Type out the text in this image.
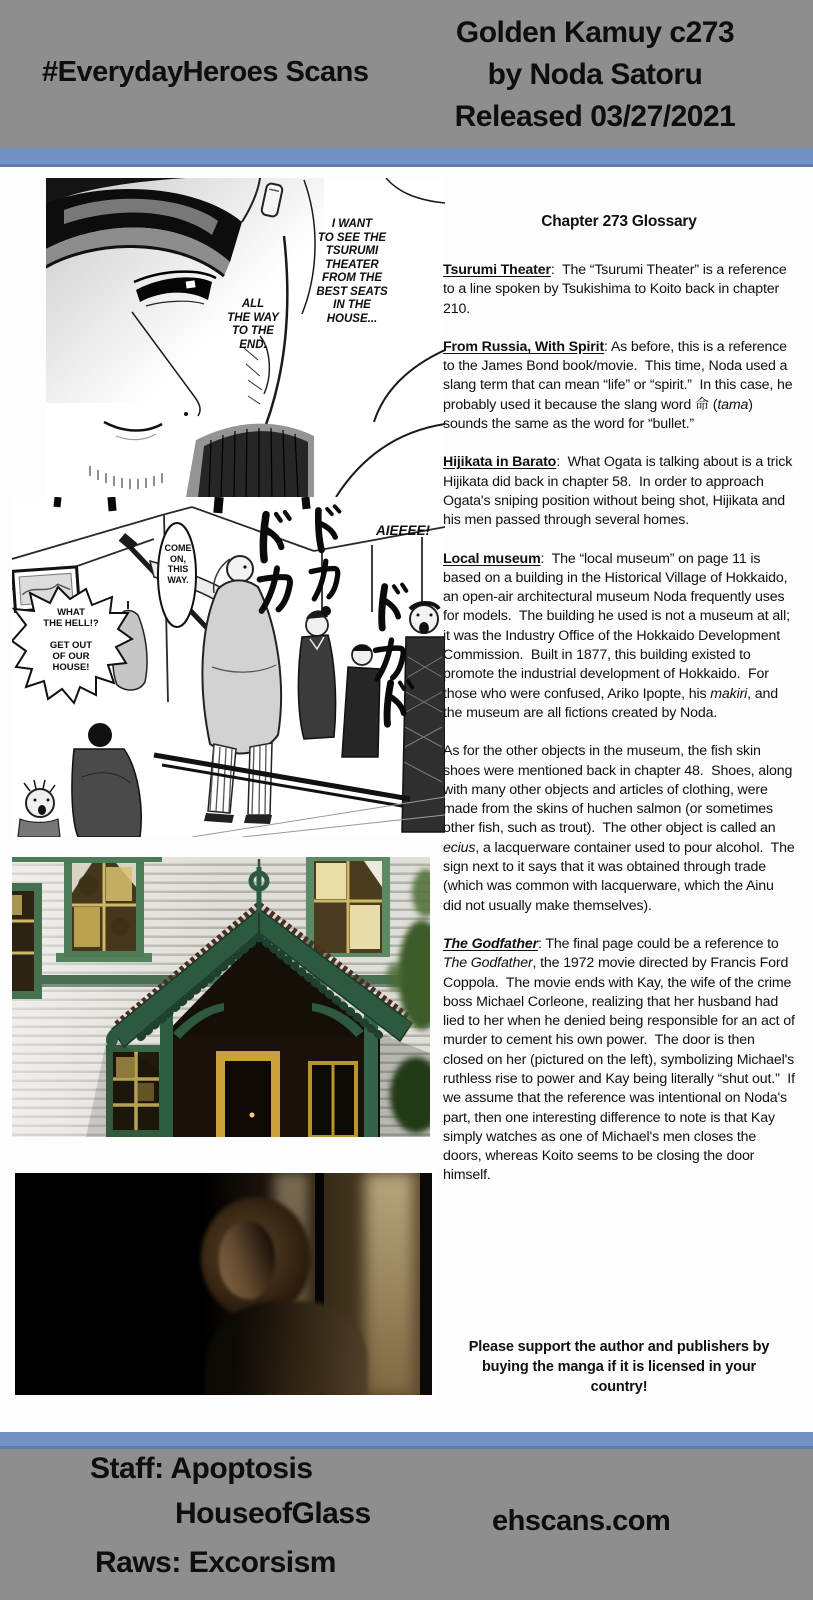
#EverydayHeroes Scans
Golden Kamuy c273
by Noda Satoru
Released 03/27/2021
I WANT
TO SEE THE
TSURUMI
THEATER
FROM THE
BEST SEATS
IN THE
HOUSE...
ALL
THE WAY
TO THE
END.
COME
ON,
THIS
WAY.
WHAT
THE HELL!?

GET OUT
OF OUR
HOUSE!
AIEEEE!
Chapter 273 Glossary

Tsurumi Theater:  The “Tsurumi Theater” is a reference to a line spoken by Tsukishima to Koito back in chapter 210.

From Russia, With Spirit: As before, this is a reference to the James Bond book/movie.  This time, Noda used a slang term that can mean “life” or “spirit.”  In this case, he probably used it because the slang word 命 (tama) sounds the same as the word for “bullet.”

Hijikata in Barato:  What Ogata is talking about is a trick Hijikata did back in chapter 58.  In order to approach Ogata's sniping position without being shot, Hijikata and his men passed through several homes.

Local museum:  The “local museum” on page 11 is based on a building in the Historical Village of Hokkaido, an open-air architectural museum Noda frequently uses for models.  The building he used is not a museum at all; it was the Industry Office of the Hokkaido Development Commission.  Built in 1877, this building existed to promote the industrial development of Hokkaido.  For those who were confused, Ariko Ipopte, his makiri, and the museum are all fictions created by Noda.

As for the other objects in the museum, the fish skin shoes were mentioned back in chapter 48.  Shoes, along with many other objects and articles of clothing, were made from the skins of huchen salmon (or sometimes other fish, such as trout).  The other object is called an ecius, a lacquerware container used to pour alcohol.  The sign next to it says that it was obtained through trade (which was common with lacquerware, which the Ainu did not usually make themselves).

The Godfather: The final page could be a reference to The Godfather, the 1972 movie directed by Francis Ford Coppola.  The movie ends with Kay, the wife of the crime boss Michael Corleone, realizing that her husband had lied to her when he denied being responsible for an act of murder to cement his own power.  The door is then closed on her (pictured on the left), symbolizing Michael's ruthless rise to power and Kay being literally “shut out.”  If we assume that the reference was intentional on Noda's part, then one interesting difference to note is that Kay simply watches as one of Michael's men closes the doors, whereas Koito seems to be closing the door himself.

Please support the author and publishers by buying the manga if it is licensed in your country!
Staff: Apoptosis
HouseofGlass
Raws: Excorsism
ehscans.com
